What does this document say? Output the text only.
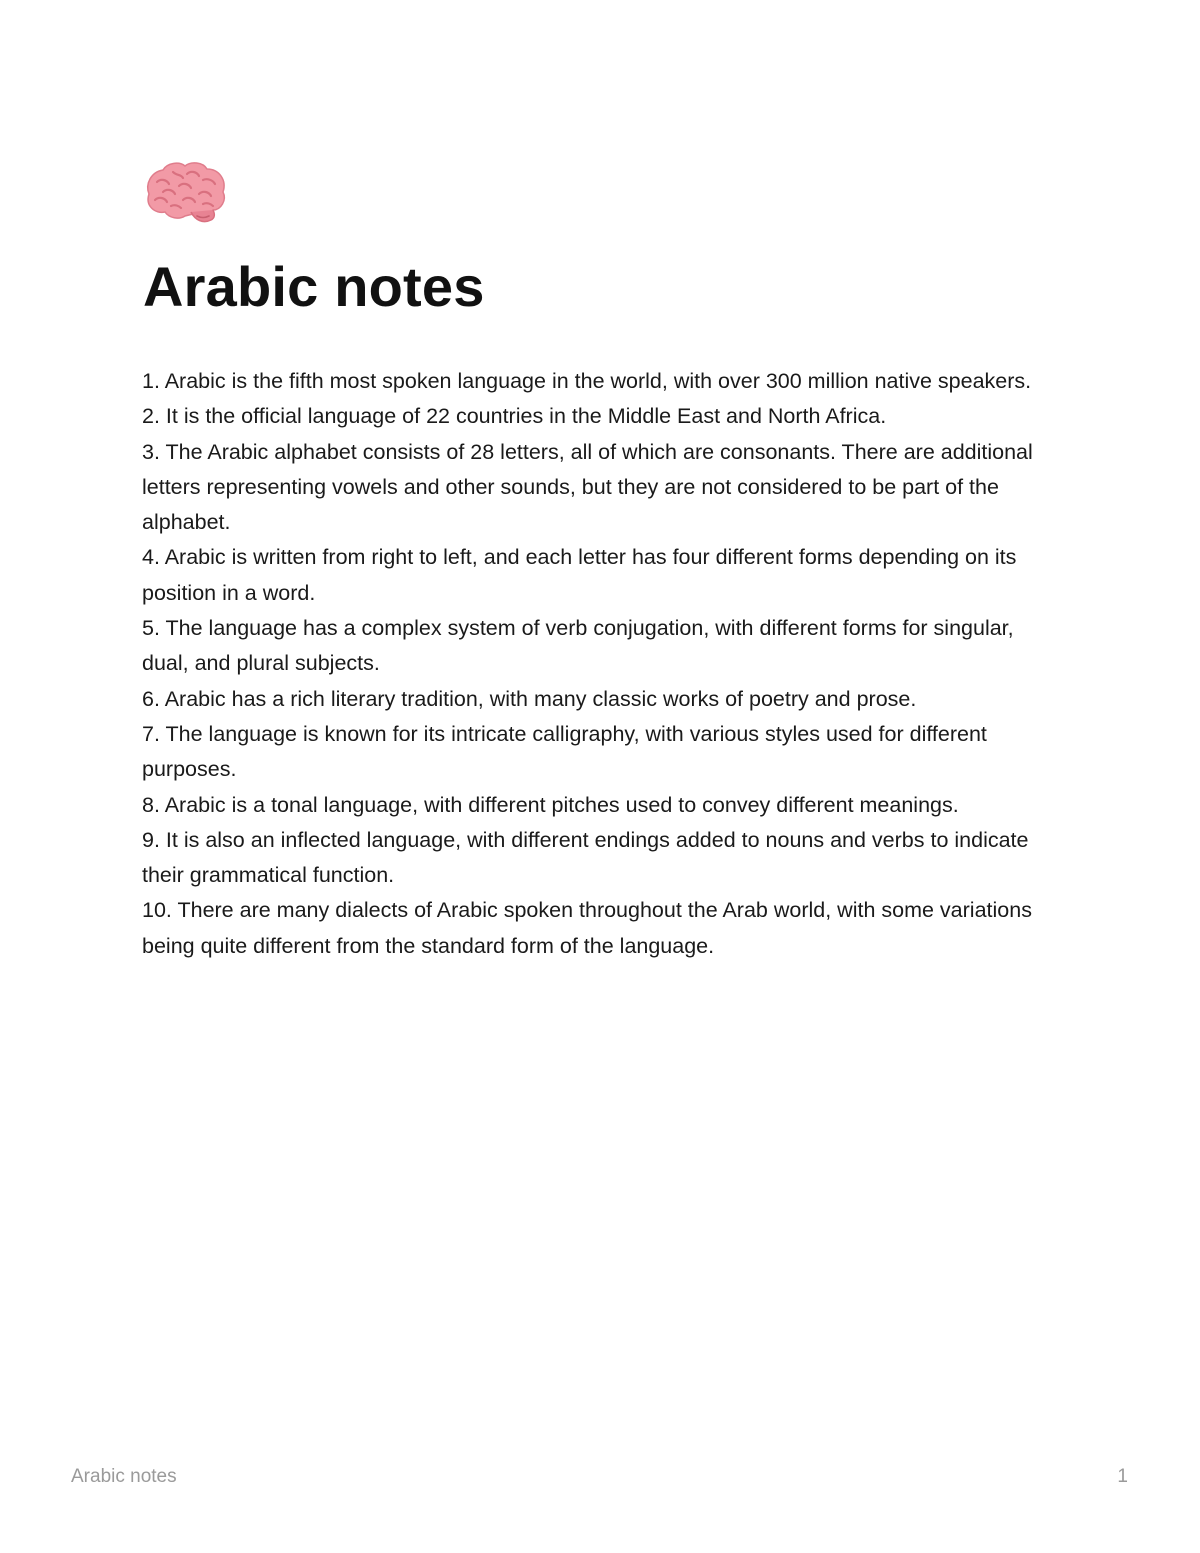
Arabic notes

1. Arabic is the fifth most spoken language in the world, with over 300 million native speakers.

2. It is the official language of 22 countries in the Middle East and North Africa.

3. The Arabic alphabet consists of 28 letters, all of which are consonants. There are additional letters representing vowels and other sounds, but they are not considered to be part of the alphabet.

4. Arabic is written from right to left, and each letter has four different forms depending on its position in a word.

5. The language has a complex system of verb conjugation, with different forms for singular, dual, and plural subjects.

6. Arabic has a rich literary tradition, with many classic works of poetry and prose.

7. The language is known for its intricate calligraphy, with various styles used for different purposes.

8. Arabic is a tonal language, with different pitches used to convey different meanings.

9. It is also an inflected language, with different endings added to nouns and verbs to indicate their grammatical function.

10. There are many dialects of Arabic spoken throughout the Arab world, with some variations being quite different from the standard form of the language.

Arabic notes	1
